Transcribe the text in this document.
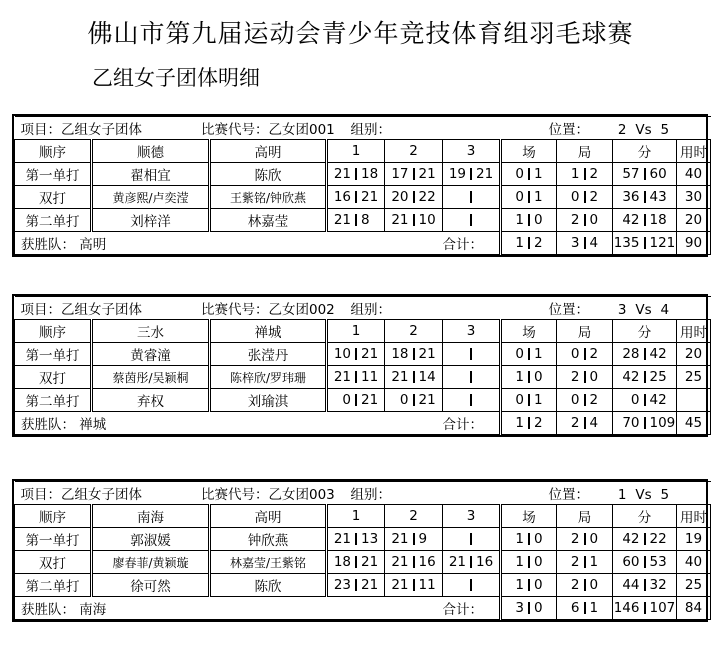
佛山市第九届运动会青少年竞技体育组羽毛球赛
乙组女子团体明细
项目：乙组女子团体 比赛代号：乙女团001 组别： 位置： 2 Vs 5									
顺序	顺德	高明	1	2	3	场	局	分	用时
第一单打	翟相宜	陈欣	21 18	17 21	19 21	0 1	1 2	57 60	40
双打	黄彦熙/卢奕滢	王紫铭/钟欣燕	16 21	20 22		0 1	0 2	36 43	30
第二单打	刘梓洋	林嘉莹	21 8	21 10		1 0	2 0	42 18	20
获胜队： 高明					合计：	1 2	3 4	135 121	90
项目：乙组女子团体 比赛代号：乙女团002 组别： 位置： 3 Vs 4									
顺序	三水	禅城	1	2	3	场	局	分	用时
第一单打	黄睿潼	张滢丹	10 21	18 21		0 1	0 2	28 42	20
双打	蔡茵彤/吴颖桐	陈梓欣/罗玮珊	21 11	21 14		1 0	2 0	42 25	25
第二单打	弃权	刘瑜淇	0 21	0 21		0 1	0 2	0 42	

获胜队： 禅城					合计：	1 2	2 4	70 109	45
项目：乙组女子团体 比赛代号：乙女团003 组别： 位置： 1 Vs 5									
顺序	南海	高明	1	2	3	场	局	分	用时
第一单打	郭淑媛	钟欣燕	21 13	21 9		1 0	2 0	42 22	19
双打	廖春菲/黄颖璇	林嘉莹/王紫铭	18 21	21 16	21 16	1 0	2 1	60 53	40
第二单打	徐可然	陈欣	23 21	21 11		1 0	2 0	44 32	25
获胜队： 南海					合计：	3 0	6 1	146 107	84
